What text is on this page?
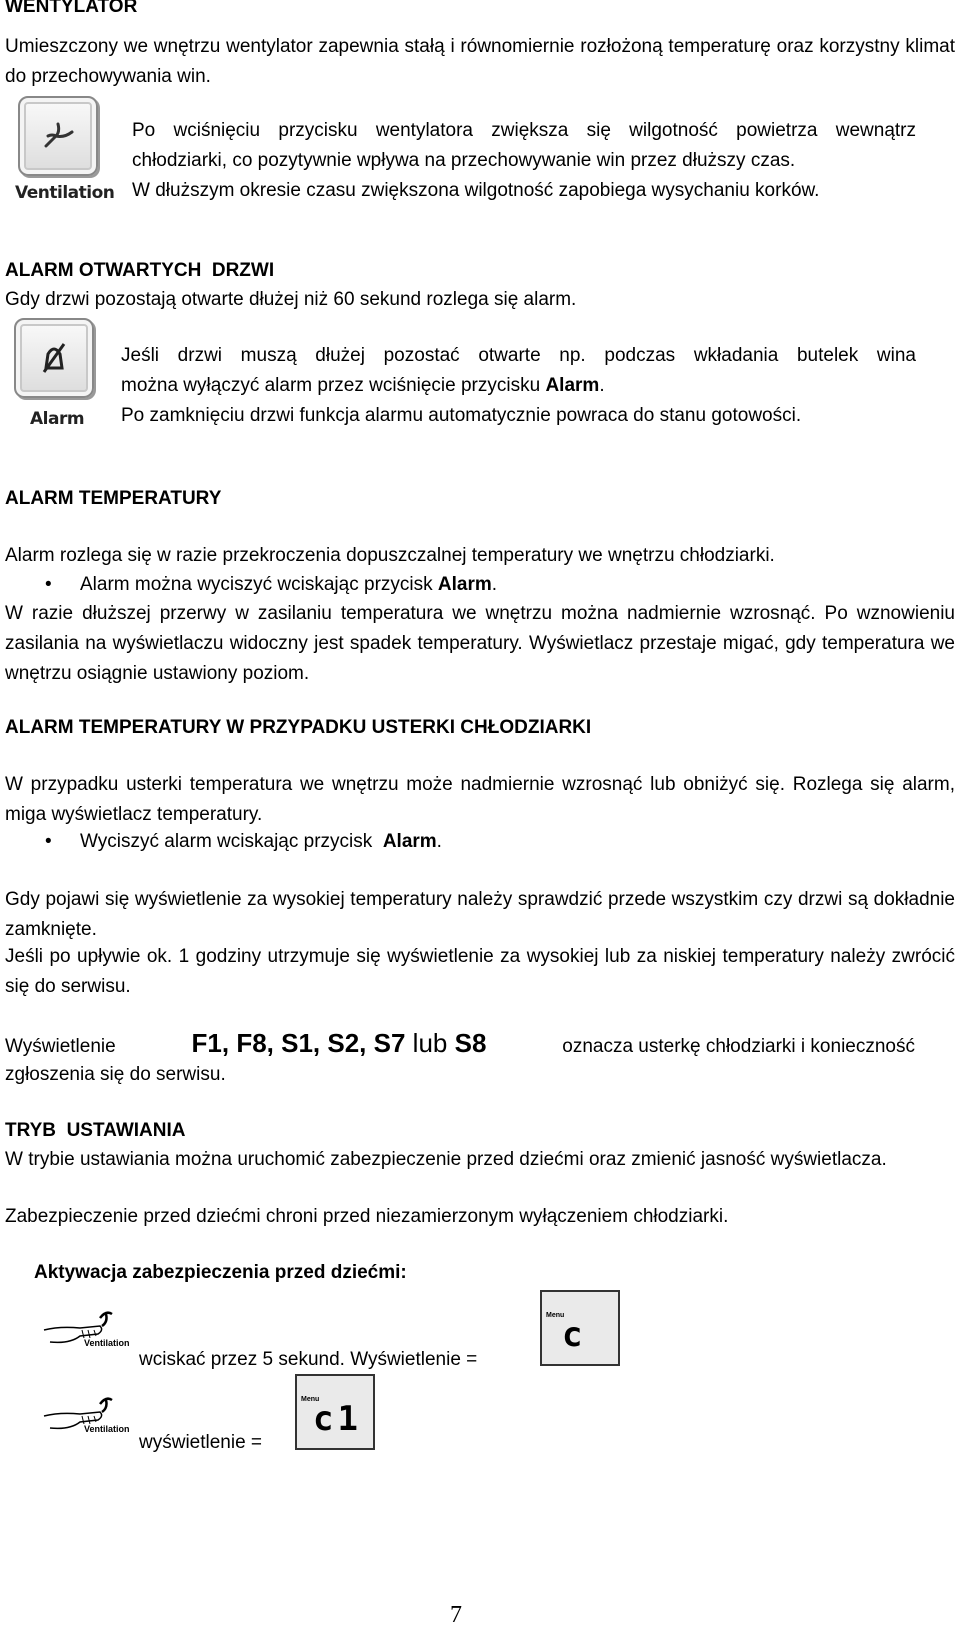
WENTYLATOR
Umieszczony we wnętrzu wentylator zapewnia stałą i równomiernie rozłożoną temperaturę oraz korzystny klimat do przechowywania win.
Ventilation
Po wciśnięciu przycisku wentylatora zwiększa się wilgotność powietrza wewnątrz
chłodziarki, co pozytywnie wpływa na przechowywanie win przez dłuższy czas.
W dłuższym okresie czasu zwiększona wilgotność zapobiega wysychaniu korków.
ALARM OTWARTYCH  DRZWI
Gdy drzwi pozostają otwarte dłużej niż 60 sekund rozlega się alarm.
Alarm
Jeśli drzwi muszą dłużej pozostać otwarte np. podczas wkładania butelek wina
można wyłączyć alarm przez wciśnięcie przycisku Alarm.
Po zamknięciu drzwi funkcja alarmu automatycznie powraca do stanu gotowości.
ALARM TEMPERATURY
Alarm rozlega się w razie przekroczenia dopuszczalnej temperatury we wnętrzu chłodziarki.
• Alarm można wyciszyć wciskając przycisk Alarm.
W razie dłuższej przerwy w zasilaniu temperatura we wnętrzu można nadmiernie wzrosnąć. Po wznowieniu zasilania na wyświetlaczu widoczny jest spadek temperatury. Wyświetlacz przestaje migać, gdy temperatura we wnętrzu osiągnie ustawiony poziom.
ALARM TEMPERATURY W PRZYPADKU USTERKI CHŁODZIARKI
W przypadku usterki temperatura we wnętrzu może nadmiernie wzrosnąć lub obniżyć się. Rozlega się alarm, miga wyświetlacz temperatury.
• Wyciszyć alarm wciskając przycisk  Alarm.
Gdy pojawi się wyświetlenie za wysokiej temperatury należy sprawdzić przede wszystkim czy drzwi są dokładnie zamknięte.
Jeśli po upływie ok. 1 godziny utrzymuje się wyświetlenie za wysokiej lub za niskiej temperatury należy zwrócić się do serwisu.
Wyświetlenie	F1, F8, S1, S2, S7 lub S8	oznacza usterkę chłodziarki i konieczność
zgłoszenia się do serwisu.
TRYB  USTAWIANIA
W trybie ustawiania można uruchomić zabezpieczenie przed dziećmi oraz zmienić jasność wyświetlacza.
Zabezpieczenie przed dziećmi chroni przed niezamierzonym wyłączeniem chłodziarki.
Aktywacja zabezpieczenia przed dziećmi:
Ventilation
wciskać przez 5 sekund. Wyświetlenie =
Menu
c
Ventilation
wyświetlenie =
Menu
c1
7
